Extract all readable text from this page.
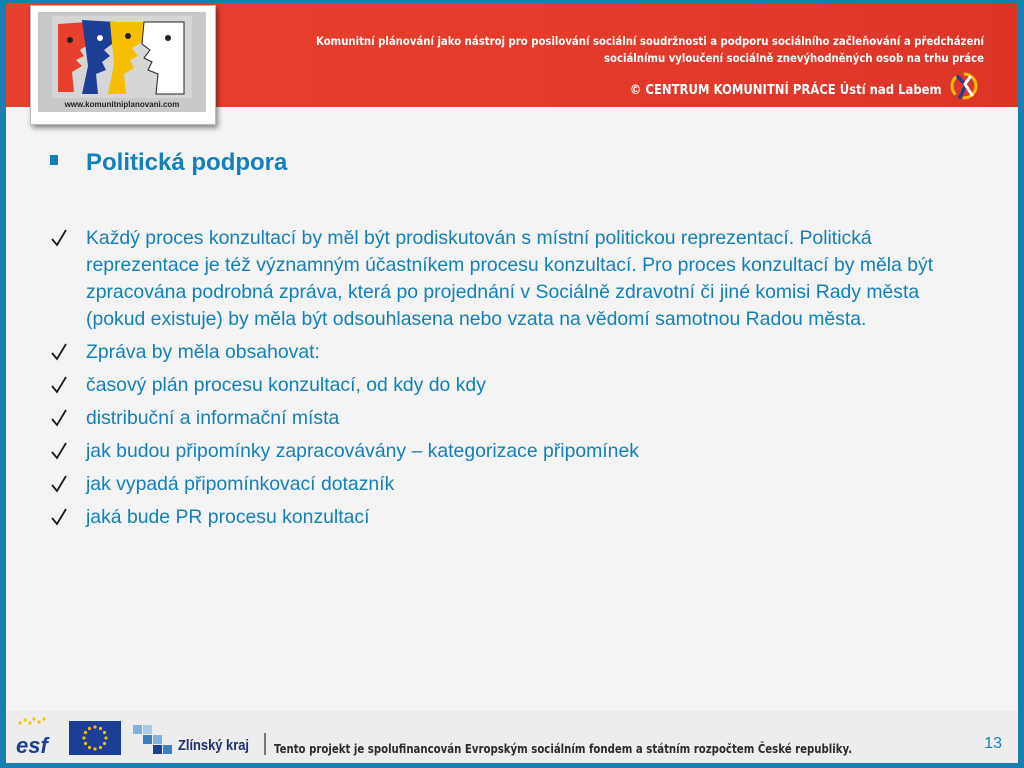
Komunitní plánování jako nástroj pro posilování sociální soudržnosti a podporu sociálního začleňování a předcházení
sociálnímu vyloučení sociálně znevýhodněných osob na trhu práce
© CENTRUM KOMUNITNÍ PRÁCE Ústí nad Labem
www.komunitniplanovani.com
Politická podpora
Každý proces konzultací by měl být prodiskutován s místní politickou reprezentací. Politická reprezentace je též významným účastníkem procesu konzultací. Pro proces konzultací by měla být zpracována podrobná zpráva, která po projednání v Sociálně zdravotní či jiné komisi Rady města (pokud existuje) by měla být odsouhlasena nebo vzata na vědomí samotnou Radou města.
Zpráva by měla obsahovat:
časový plán procesu konzultací, od kdy do kdy
distribuční a informační místa
jak budou připomínky zapracovávány – kategorizace připomínek
jak vypadá připomínkovací dotazník
jaká bude PR procesu konzultací
esf	Zlínský kraj Tento projekt je spolufinancován Evropským sociálním fondem a státním rozpočtem České republiky.	13
